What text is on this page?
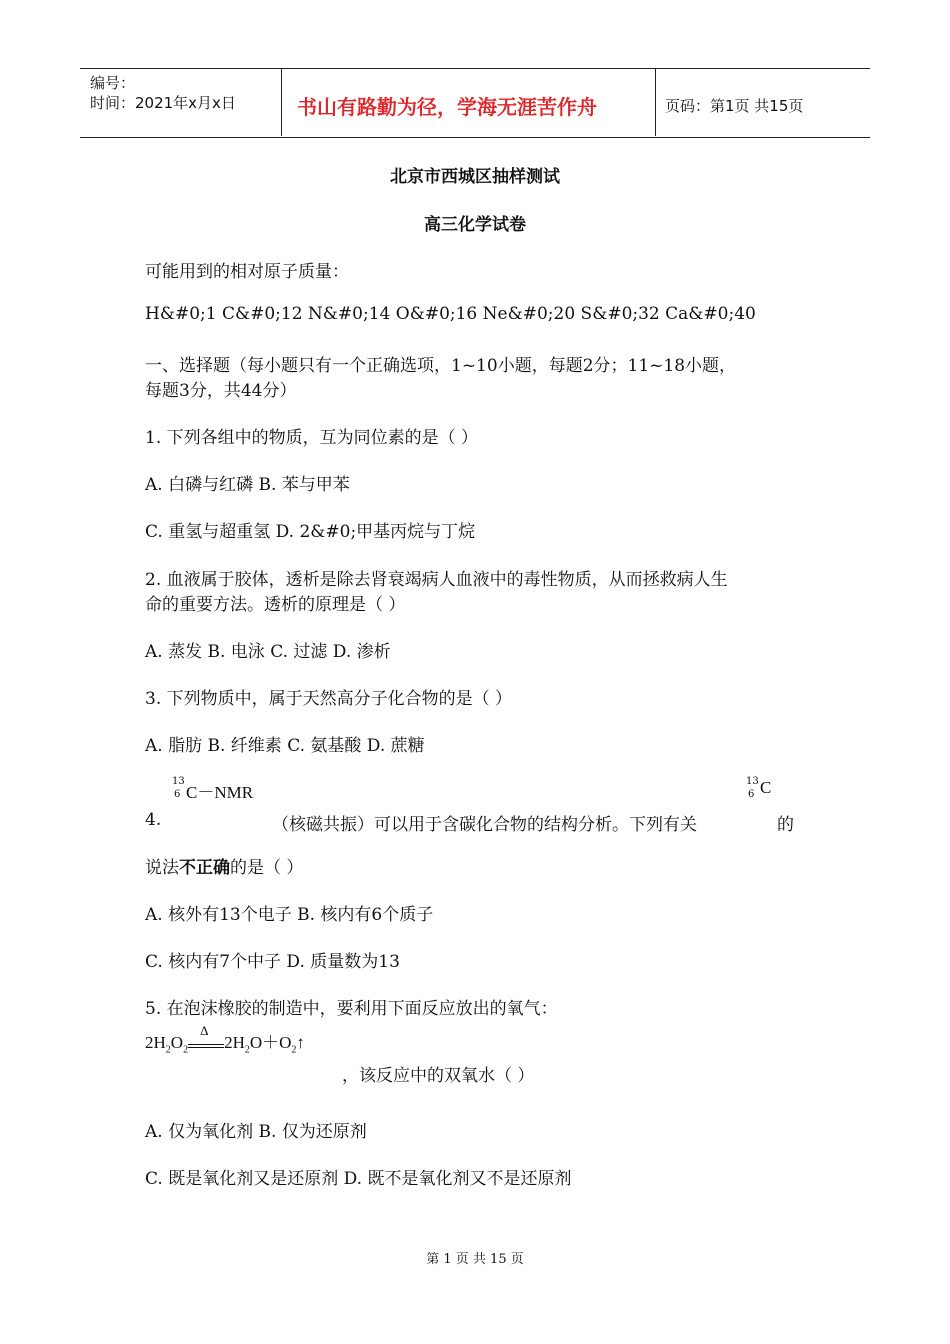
编号：
时间：2021年x月x日	书山有路勤为径，学海无涯苦作舟	页码：第1页 共15页
北京市西城区抽样测试
高三化学试卷
可能用到的相对原子质量：
H&#0;1 C&#0;12 N&#0;14 O&#0;16 Ne&#0;20 S&#0;32 Ca&#0;40
一、选择题（每小题只有一个正确选项，1~10小题，每题2分；11~18小题，
每题3分，共44分）
1. 下列各组中的物质，互为同位素的是（ ）
A. 白磷与红磷 B. 苯与甲苯
C. 重氢与超重氢 D. 2&#0;甲基丙烷与丁烷
2. 血液属于胶体，透析是除去肾衰竭病人血液中的毒性物质，从而拯救病人生
命的重要方法。透析的原理是（ ）
A. 蒸发 B. 电泳 C. 过滤 D. 渗析
3. 下列物质中，属于天然高分子化合物的是（ ）
A. 脂肪 B. 纤维素 C. 氨基酸 D. 蔗糖
13
6 C－NMR
13
6 C
4.	（核磁共振）可以用于含碳化合物的结构分析。下列有关	的
说法不正确的是（ ）
A. 核外有13个电子 B. 核内有6个质子
C. 核内有7个中子 D. 质量数为13
5. 在泡沫橡胶的制造中，要利用下面反应放出的氧气：
$2H_2O_2$
Δ
$2H_2O+O_2↑$
，该反应中的双氧水（ ）
A. 仅为氧化剂 B. 仅为还原剂
C. 既是氧化剂又是还原剂 D. 既不是氧化剂又不是还原剂
第 1 页 共 15 页
